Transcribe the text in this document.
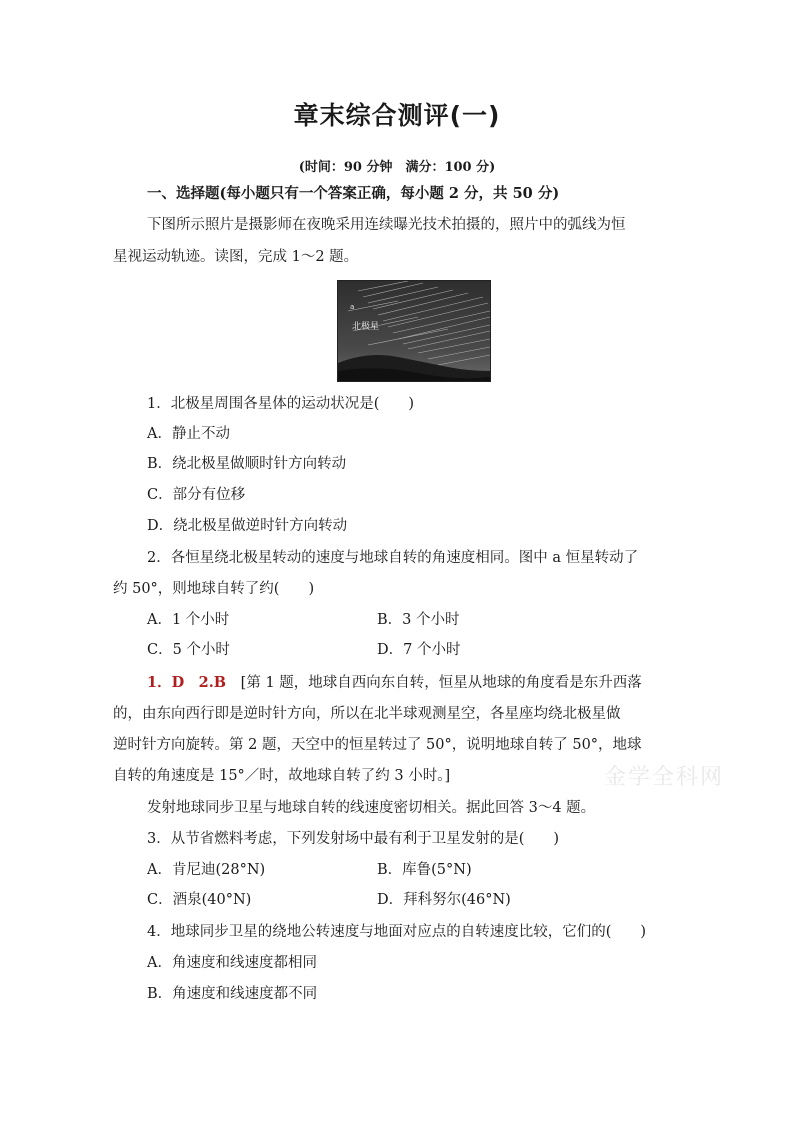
章末综合测评(一)
(时间：90 分钟　满分：100 分)
一、选择题(每小题只有一个答案正确，每小题 2 分，共 50 分)
下图所示照片是摄影师在夜晚采用连续曝光技术拍摄的，照片中的弧线为恒
星视运动轨迹。读图，完成 1～2 题。
a
北极星
1．北极星周围各星体的运动状况是(　　)
A．静止不动
B．绕北极星做顺时针方向转动
C．部分有位移
D．绕北极星做逆时针方向转动
2．各恒星绕北极星转动的速度与地球自转的角速度相同。图中 a 恒星转动了
约 50°，则地球自转了约(　　)
A．1 个小时	B．3 个小时
C．5 个小时	D．7 个小时
1．D　2.B [第 1 题，地球自西向东自转，恒星从地球的角度看是东升西落
的，由东向西行即是逆时针方向，所以在北半球观测星空，各星座均绕北极星做
逆时针方向旋转。第 2 题，天空中的恒星转过了 50°，说明地球自转了 50°，地球
自转的角速度是 15°／时，故地球自转了约 3 小时。]	金学全科网
发射地球同步卫星与地球自转的线速度密切相关。据此回答 3～4 题。
3．从节省燃料考虑，下列发射场中最有利于卫星发射的是(　　)
A．肯尼迪(28°N)	B．库鲁(5°N)
C．酒泉(40°N)	D．拜科努尔(46°N)
4．地球同步卫星的绕地公转速度与地面对应点的自转速度比较，它们的(　　)
A．角速度和线速度都相同
B．角速度和线速度都不同
